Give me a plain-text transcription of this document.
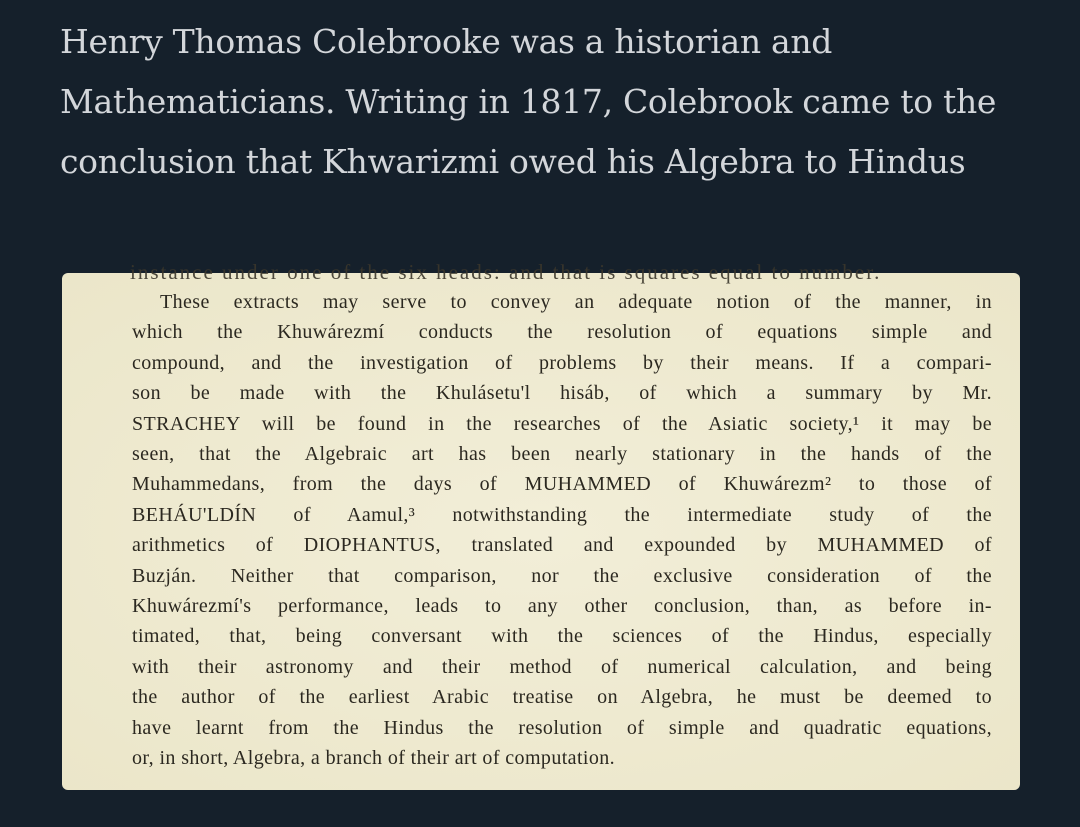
Henry Thomas Colebrooke was a historian and
Mathematicians. Writing in 1817, Colebrook came to the
conclusion that Khwarizmi owed his Algebra to Hindus
instance under one of the six heads: and that is squares equal to number.
These extracts may serve to convey an adequate notion of the manner, in
which the Khuwárezmí conducts the resolution of equations simple and
compound, and the investigation of problems by their means. If a compari-
son be made with the Khulásetu'l hisáb, of which a summary by Mr.
STRACHEY will be found in the researches of the Asiatic society,¹ it may be
seen, that the Algebraic art has been nearly stationary in the hands of the
Muhammedans, from the days of MUHAMMED of Khuwárezm² to those of
BEHÁU'LDÍN of Aamul,³ notwithstanding the intermediate study of the
arithmetics of DIOPHANTUS, translated and expounded by MUHAMMED of
Buzján. Neither that comparison, nor the exclusive consideration of the
Khuwárezmí's performance, leads to any other conclusion, than, as before in-
timated, that, being conversant with the sciences of the Hindus, especially
with their astronomy and their method of numerical calculation, and being
the author of the earliest Arabic treatise on Algebra, he must be deemed to
have learnt from the Hindus the resolution of simple and quadratic equations,
or, in short, Algebra, a branch of their art of computation.
